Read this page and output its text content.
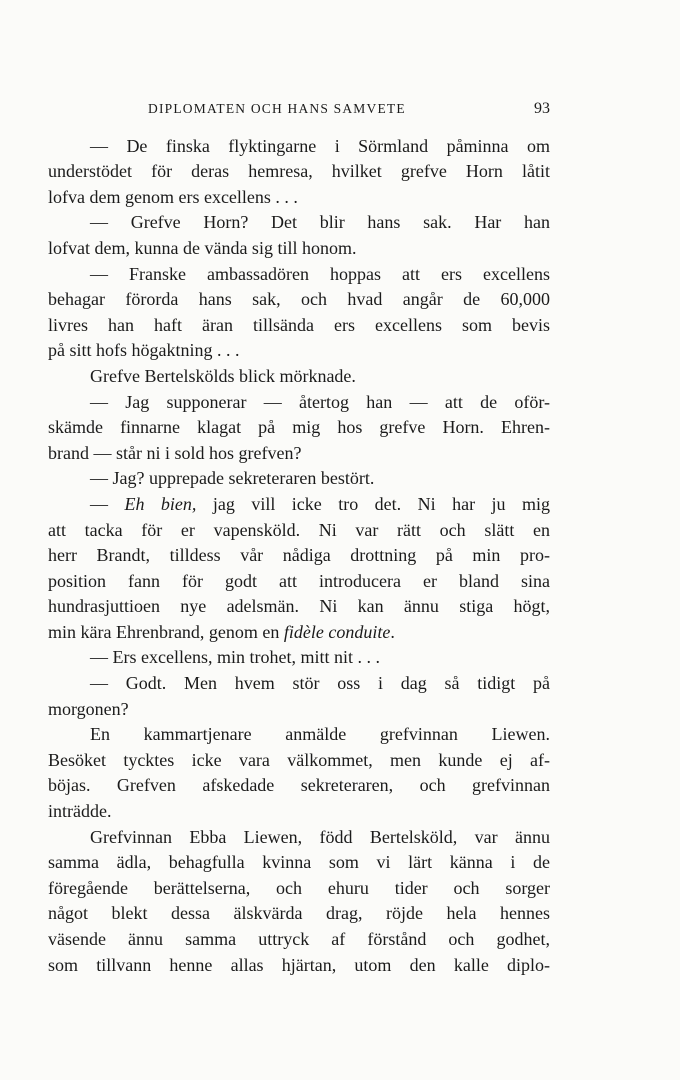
DIPLOMATEN OCH HANS SAMVETE	93
— De finska flyktingarne i Sörmland påminna om
understödet för deras hemresa, hvilket grefve Horn låtit
lofva dem genom ers excellens . . .
— Grefve Horn? Det blir hans sak. Har han
lofvat dem, kunna de vända sig till honom.
— Franske ambassadören hoppas att ers excellens
behagar förorda hans sak, och hvad angår de 60,000
livres han haft äran tillsända ers excellens som bevis
på sitt hofs högaktning . . .
Grefve Bertelskölds blick mörknade.
— Jag supponerar — återtog han — att de oför-
skämde finnarne klagat på mig hos grefve Horn. Ehren-
brand — står ni i sold hos grefven?
— Jag? upprepade sekreteraren bestört.
— Eh bien, jag vill icke tro det. Ni har ju mig
att tacka för er vapensköld. Ni var rätt och slätt en
herr Brandt, tilldess vår nådiga drottning på min pro-
position fann för godt att introducera er bland sina
hundrasjuttioen nye adelsmän. Ni kan ännu stiga högt,
min kära Ehrenbrand, genom en fidèle conduite.
— Ers excellens, min trohet, mitt nit . . .
— Godt. Men hvem stör oss i dag så tidigt på
morgonen?
En kammartjenare anmälde grefvinnan Liewen.
Besöket tycktes icke vara välkommet, men kunde ej af-
böjas. Grefven afskedade sekreteraren, och grefvinnan
inträdde.
Grefvinnan Ebba Liewen, född Bertelsköld, var ännu
samma ädla, behagfulla kvinna som vi lärt känna i de
föregående berättelserna, och ehuru tider och sorger
något blekt dessa älskvärda drag, röjde hela hennes
väsende ännu samma uttryck af förstånd och godhet,
som tillvann henne allas hjärtan, utom den kalle diplo-
